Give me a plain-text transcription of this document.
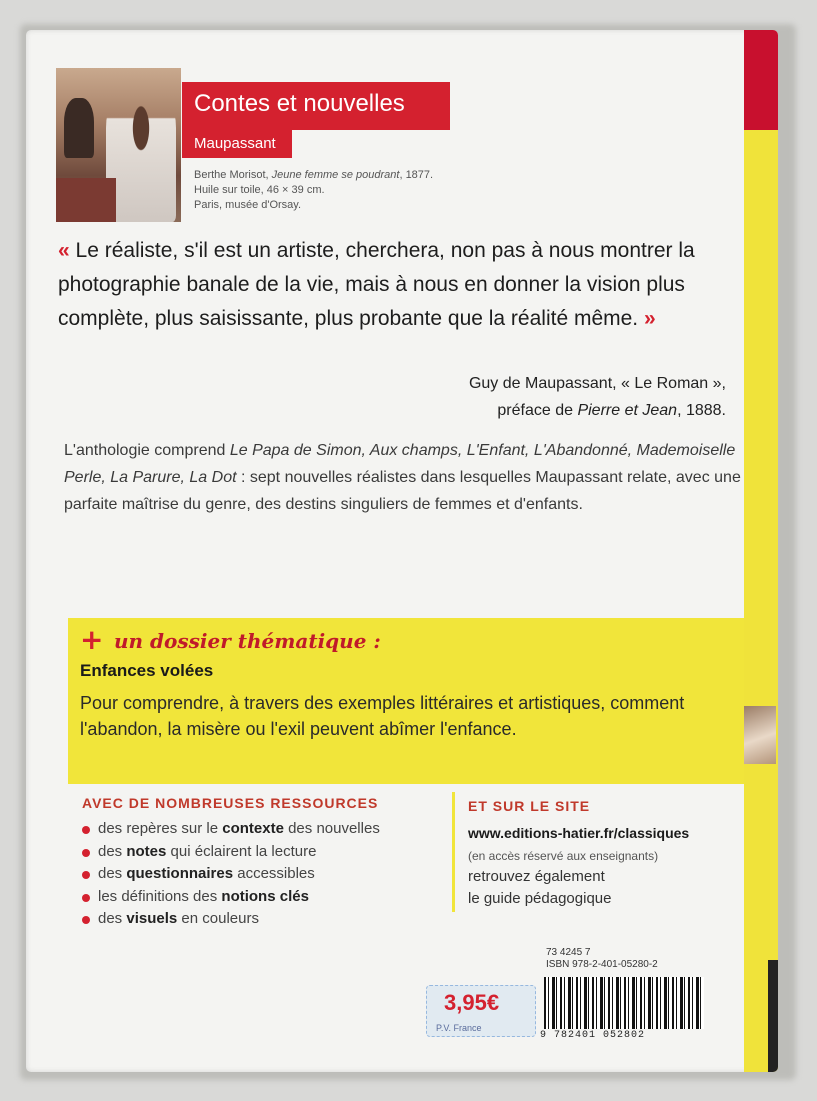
Contes et nouvelles
Maupassant
Berthe Morisot, Jeune femme se poudrant, 1877.
Huile sur toile, 46 × 39 cm.
Paris, musée d'Orsay.
« Le réaliste, s'il est un artiste, cherchera, non pas à nous montrer la photographie banale de la vie, mais à nous en donner la vision plus complète, plus saisissante, plus probante que la réalité même. »
Guy de Maupassant, « Le Roman »,
préface de Pierre et Jean, 1888.
L'anthologie comprend Le Papa de Simon, Aux champs, L'Enfant, L'Abandonné, Mademoiselle Perle, La Parure, La Dot : sept nouvelles réalistes dans lesquelles Maupassant relate, avec une parfaite maîtrise du genre, des destins singuliers de femmes et d'enfants.
+ un dossier thématique :
Enfances volées
Pour comprendre, à travers des exemples littéraires et artistiques, comment l'abandon, la misère ou l'exil peuvent abîmer l'enfance.
AVEC DE NOMBREUSES RESSOURCES
des repères sur le contexte des nouvelles
des notes qui éclairent la lecture
des questionnaires accessibles
les définitions des notions clés
des visuels en couleurs
ET SUR LE SITE
www.editions-hatier.fr/classiques
(en accès réservé aux enseignants)
retrouvez également
le guide pédagogique
73 4245 7
ISBN 978-2-401-05280-2
9 782401 052802
3,95€
P.V. France
